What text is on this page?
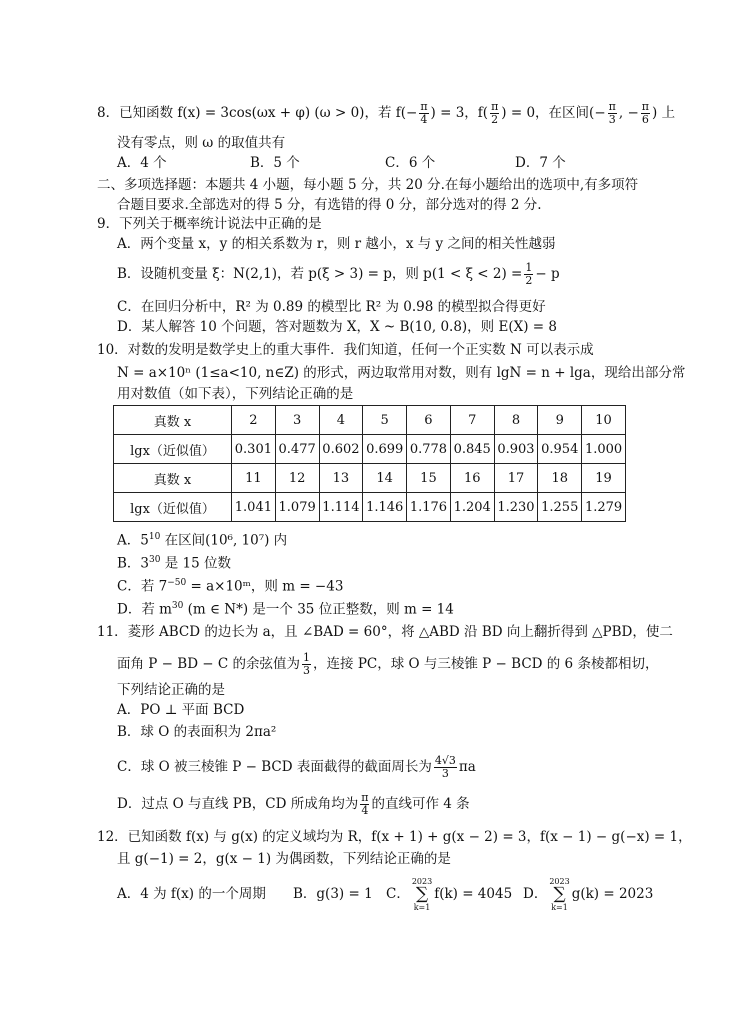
8．已知函数 f(x) = 3cos(ωx + φ) (ω > 0)，若 $f(- \frac{\pi}{4}$ ) = 3，$f( \frac{\pi}{2}$ ) = 0，在区间(− $\frac{\pi}{3}$ , − $\frac{\pi}{6}$ ) 上
没有零点，则 ω 的取值共有
A．4 个	B．5 个	C．6 个	D．7 个
二、多项选择题：本题共 4 小题，每小题 5 分，共 20 分.在每小题给出的选项中,有多项符
合题目要求.全部选对的得 5 分，有选错的得 0 分，部分选对的得 2 分.
9．下列关于概率统计说法中正确的是
A．两个变量 x，y 的相关系数为 r，则 r 越小，x 与 y 之间的相关性越弱
B．设随机变量 ξ：N(2,1)，若 p(ξ > 3) = p，则 $p(1 < \xi < 2) = \frac{1}{2} - p$
C．在回归分析中，R² 为 0.89 的模型比 R² 为 0.98 的模型拟合得更好
D．某人解答 10 个问题，答对题数为 X，X ~ B(10, 0.8)，则 E(X) = 8
10．对数的发明是数学史上的重大事件．我们知道，任何一个正实数 N 可以表示成
N = a×10ⁿ (1≤a<10, n∈Z) 的形式，两边取常用对数，则有 lgN = n + lga，现给出部分常
用对数值（如下表），下列结论正确的是
真数 x	2	3	4	5	6	7	8	9	10
lgx（近似值）	0.301	0.477	0.602	0.699	0.778	0.845	0.903	0.954	1.000
真数 x	11	12	13	14	15	16	17	18	19
lgx（近似值）	1.041	1.079	1.114	1.146	1.176	1.204	1.230	1.255	1.279
A．$5^{10}$ 在区间(10⁶, 10⁷) 内
B．$3^{30}$ 是 15 位数
C．若 $7^{-50}$ = a×10ᵐ，则 m = −43
D．若 $m^{30}$ (m ∈ N*) 是一个 35 位正整数，则 m = 14
11．菱形 ABCD 的边长为 a，且 ∠BAD = 60°，将 △ABD 沿 BD 向上翻折得到 △PBD，使二
面角 P − BD − C 的余弦值为 $\frac{1}{3}$ ，连接 PC，球 O 与三棱锥 P − BCD 的 6 条棱都相切，
下列结论正确的是
A．PO ⊥ 平面 BCD
B．球 O 的表面积为 2πa²
C．球 O 被三棱锥 P − BCD 表面截得的截面周长为 $\frac{4√3}{3}$ πa
D．过点 O 与直线 PB，CD 所成角均为 $\frac{\pi}{4}$ 的直线可作 4 条
12．已知函数 f(x) 与 g(x) 的定义域均为 R，f(x + 1) + g(x − 2) = 3，f(x − 1) − g(−x) = 1，
且 g(−1) = 2，g(x − 1) 为偶函数，下列结论正确的是
A．4 为 f(x) 的一个周期 B．g(3) = 1 C．2023
∑
k=1f(k) = 4045 D．2023
∑
k=1g(k) = 2023
